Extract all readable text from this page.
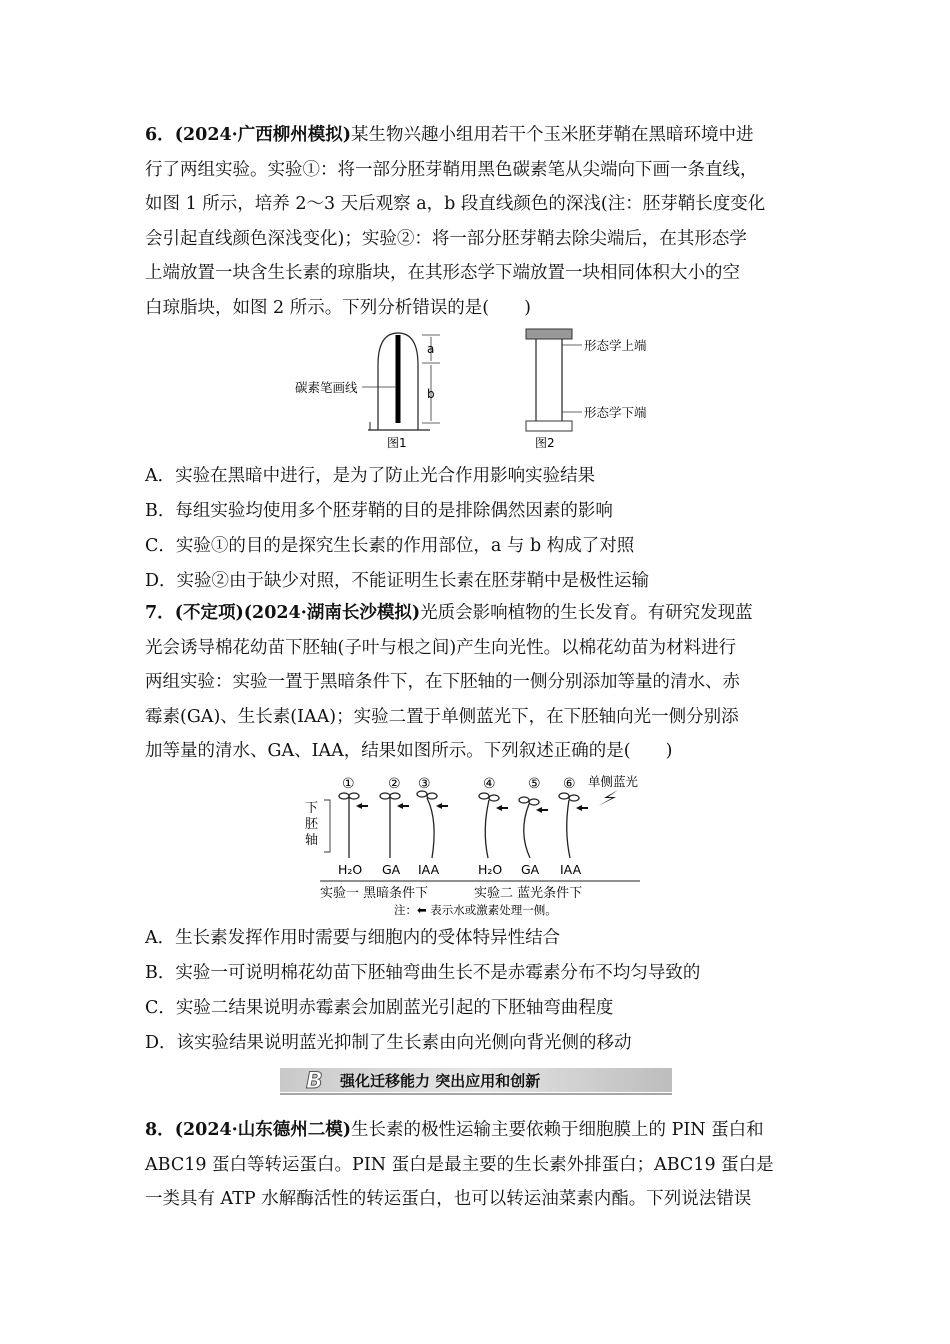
6．(2024·广西柳州模拟)某生物兴趣小组用若干个玉米胚芽鞘在黑暗环境中进
行了两组实验。实验①：将一部分胚芽鞘用黑色碳素笔从尖端向下画一条直线，
如图 1 所示，培养 2～3 天后观察 a，b 段直线颜色的深浅(注：胚芽鞘长度变化
会引起直线颜色深浅变化)；实验②：将一部分胚芽鞘去除尖端后，在其形态学
上端放置一块含生长素的琼脂块，在其形态学下端放置一块相同体积大小的空
白琼脂块，如图 2 所示。下列分析错误的是(　　)
a
b
碳素笔画线
图1
形态学上端
形态学下端
图2
A．实验在黑暗中进行，是为了防止光合作用影响实验结果
B．每组实验均使用多个胚芽鞘的目的是排除偶然因素的影响
C．实验①的目的是探究生长素的作用部位，a 与 b 构成了对照
D．实验②由于缺少对照，不能证明生长素在胚芽鞘中是极性运输
7．(不定项)(2024·湖南长沙模拟)光质会影响植物的生长发育。有研究发现蓝
光会诱导棉花幼苗下胚轴(子叶与根之间)产生向光性。以棉花幼苗为材料进行
两组实验：实验一置于黑暗条件下，在下胚轴的一侧分别添加等量的清水、赤
霉素(GA)、生长素(IAA)；实验二置于单侧蓝光下，在下胚轴向光一侧分别添
加等量的清水、GA、IAA，结果如图所示。下列叙述正确的是(　　)
① ② ③	④ ⑤ ⑥ 单侧蓝光
下
胚
轴
H₂O GA IAA	H₂O GA IAA
实验一 黑暗条件下	实验二 蓝光条件下
注：⬅ 表示水或激素处理一侧。
A．生长素发挥作用时需要与细胞内的受体特异性结合
B．实验一可说明棉花幼苗下胚轴弯曲生长不是赤霉素分布不均匀导致的
C．实验二结果说明赤霉素会加剧蓝光引起的下胚轴弯曲程度
D．该实验结果说明蓝光抑制了生长素由向光侧向背光侧的移动
B 强化迁移能力 突出应用和创新
8．(2024·山东德州二模)生长素的极性运输主要依赖于细胞膜上的 PIN 蛋白和
ABC19 蛋白等转运蛋白。PIN 蛋白是最主要的生长素外排蛋白；ABC19 蛋白是
一类具有 ATP 水解酶活性的转运蛋白，也可以转运油菜素内酯。下列说法错误
